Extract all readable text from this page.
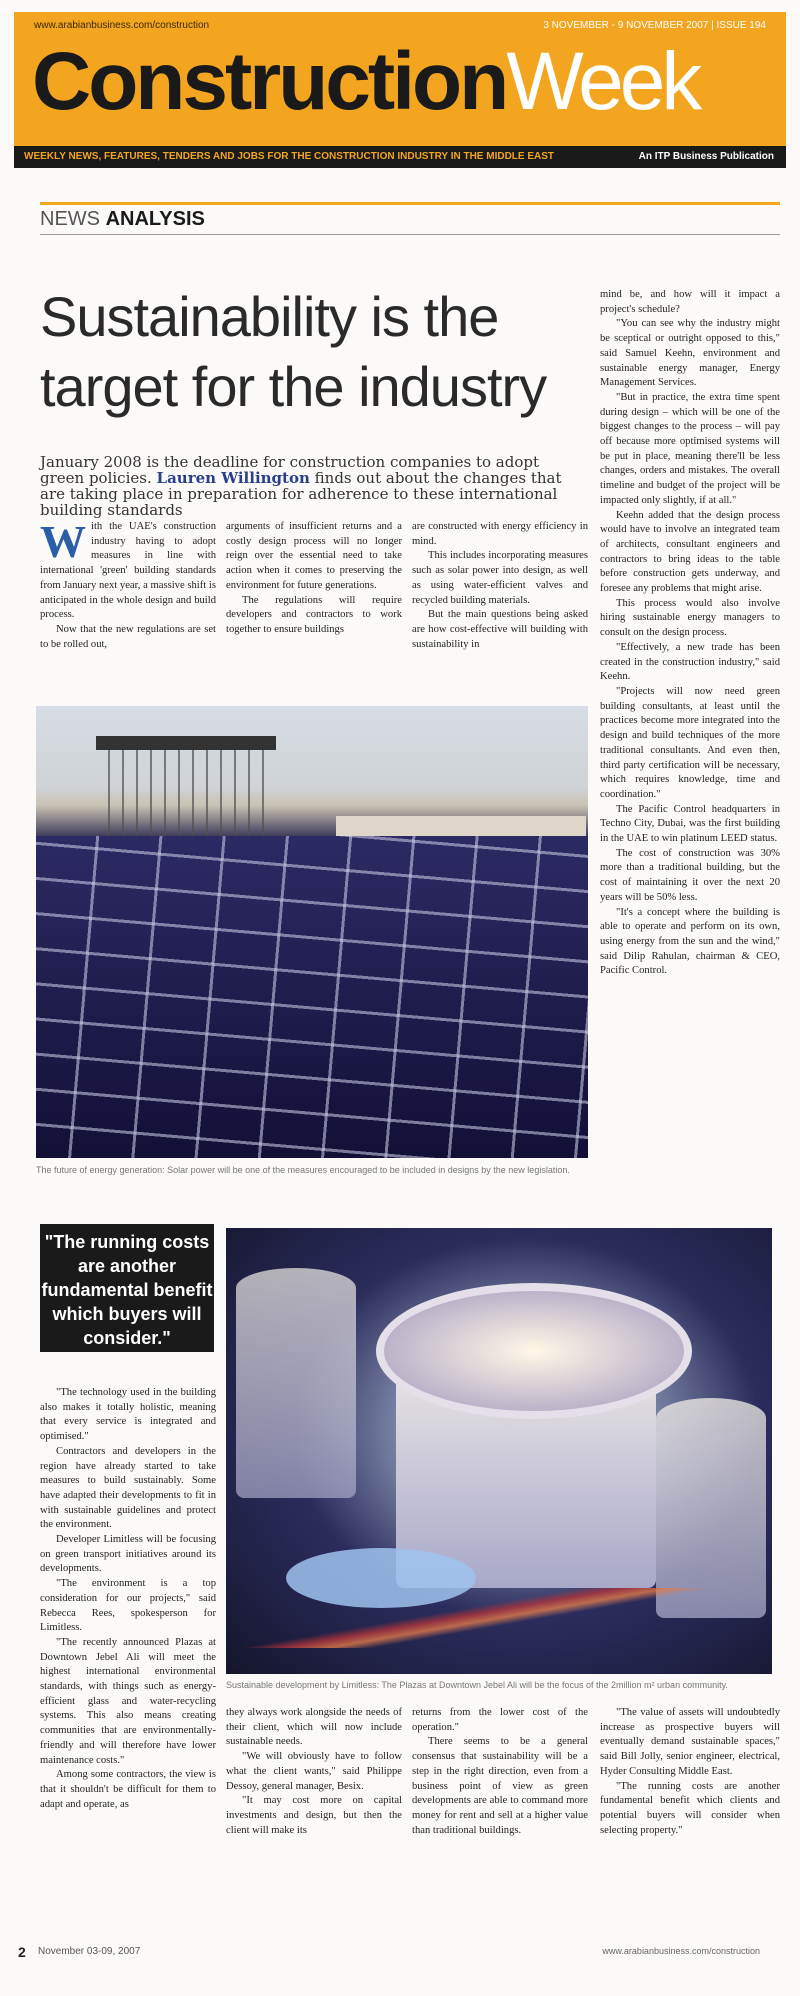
www.arabianbusiness.com/construction	3 NOVEMBER - 9 NOVEMBER 2007 | ISSUE 194
ConstructionWeek
WEEKLY NEWS, FEATURES, TENDERS AND JOBS FOR THE CONSTRUCTION INDUSTRY IN THE MIDDLE EAST	An ITP Business Publication
NEWS ANALYSIS
Sustainability is the target for the industry
January 2008 is the deadline for construction companies to adopt green policies. Lauren Willington finds out about the changes that are taking place in preparation for adherence to these international building standards

With the UAE's construction industry having to adopt measures in line with international 'green' building standards from January next year, a massive shift is anticipated in the whole design and build process.

Now that the new regulations are set to be rolled out,

arguments of insufficient returns and a costly design process will no longer reign over the essential need to take action when it comes to preserving the environment for future generations.

The regulations will require developers and contractors to work together to ensure buildings

are constructed with energy efficiency in mind.

This includes incorporating measures such as solar power into design, as well as using water-efficient valves and recycled building materials.

But the main questions being asked are how cost-effective will building with sustainability in

mind be, and how will it impact a project's schedule?

"You can see why the industry might be sceptical or outright opposed to this," said Samuel Keehn, environment and sustainable energy manager, Energy Management Services.

"But in practice, the extra time spent during design – which will be one of the biggest changes to the process – will pay off because more optimised systems will be put in place, meaning there'll be less changes, orders and mistakes. The overall timeline and budget of the project will be impacted only slightly, if at all."

Keehn added that the design process would have to involve an integrated team of architects, consultant engineers and contractors to bring ideas to the table before construction gets underway, and foresee any problems that might arise.

This process would also involve hiring sustainable energy managers to consult on the design process.

"Effectively, a new trade has been created in the construction industry," said Keehn.

"Projects will now need green building consultants, at least until the practices become more integrated into the design and build techniques of the more traditional consultants. And even then, third party certification will be necessary, which requires knowledge, time and coordination."

The Pacific Control headquarters in Techno City, Dubai, was the first building in the UAE to win platinum LEED status.

The cost of construction was 30% more than a traditional building, but the cost of maintaining it over the next 20 years will be 50% less.

"It's a concept where the building is able to operate and perform on its own, using energy from the sun and the wind," said Dilip Rahulan, chairman & CEO, Pacific Control.

The future of energy generation: Solar power will be one of the measures encouraged to be included in designs by the new legislation.
"The running costs are another fundamental benefit which buyers will consider."

"The technology used in the building also makes it totally holistic, meaning that every service is integrated and optimised."

Contractors and developers in the region have already started to take measures to build sustainably. Some have adapted their developments to fit in with sustainable guidelines and protect the environment.

Developer Limitless will be focusing on green transport initiatives around its developments.

"The environment is a top consideration for our projects," said Rebecca Rees, spokesperson for Limitless.

"The recently announced Plazas at Downtown Jebel Ali will meet the highest international environmental standards, with things such as energy-efficient glass and water-recycling systems. This also means creating communities that are environmentally-friendly and will therefore have lower maintenance costs."

Among some contractors, the view is that it shouldn't be difficult for them to adapt and operate, as

Sustainable development by Limitless: The Plazas at Downtown Jebel Ali will be the focus of the 2million m² urban community.

they always work alongside the needs of their client, which will now include sustainable needs.

"We will obviously have to follow what the client wants," said Philippe Dessoy, general manager, Besix.

"It may cost more on capital investments and design, but then the client will make its

returns from the lower cost of the operation."

There seems to be a general consensus that sustainability will be a step in the right direction, even from a business point of view as green developments are able to command more money for rent and sell at a higher value than traditional buildings.

"The value of assets will undoubtedly increase as prospective buyers will eventually demand sustainable spaces," said Bill Jolly, senior engineer, electrical, Hyder Consulting Middle East.

"The running costs are another fundamental benefit which clients and potential buyers will consider when selecting property."

2 November 03-09, 2007	www.arabianbusiness.com/construction
